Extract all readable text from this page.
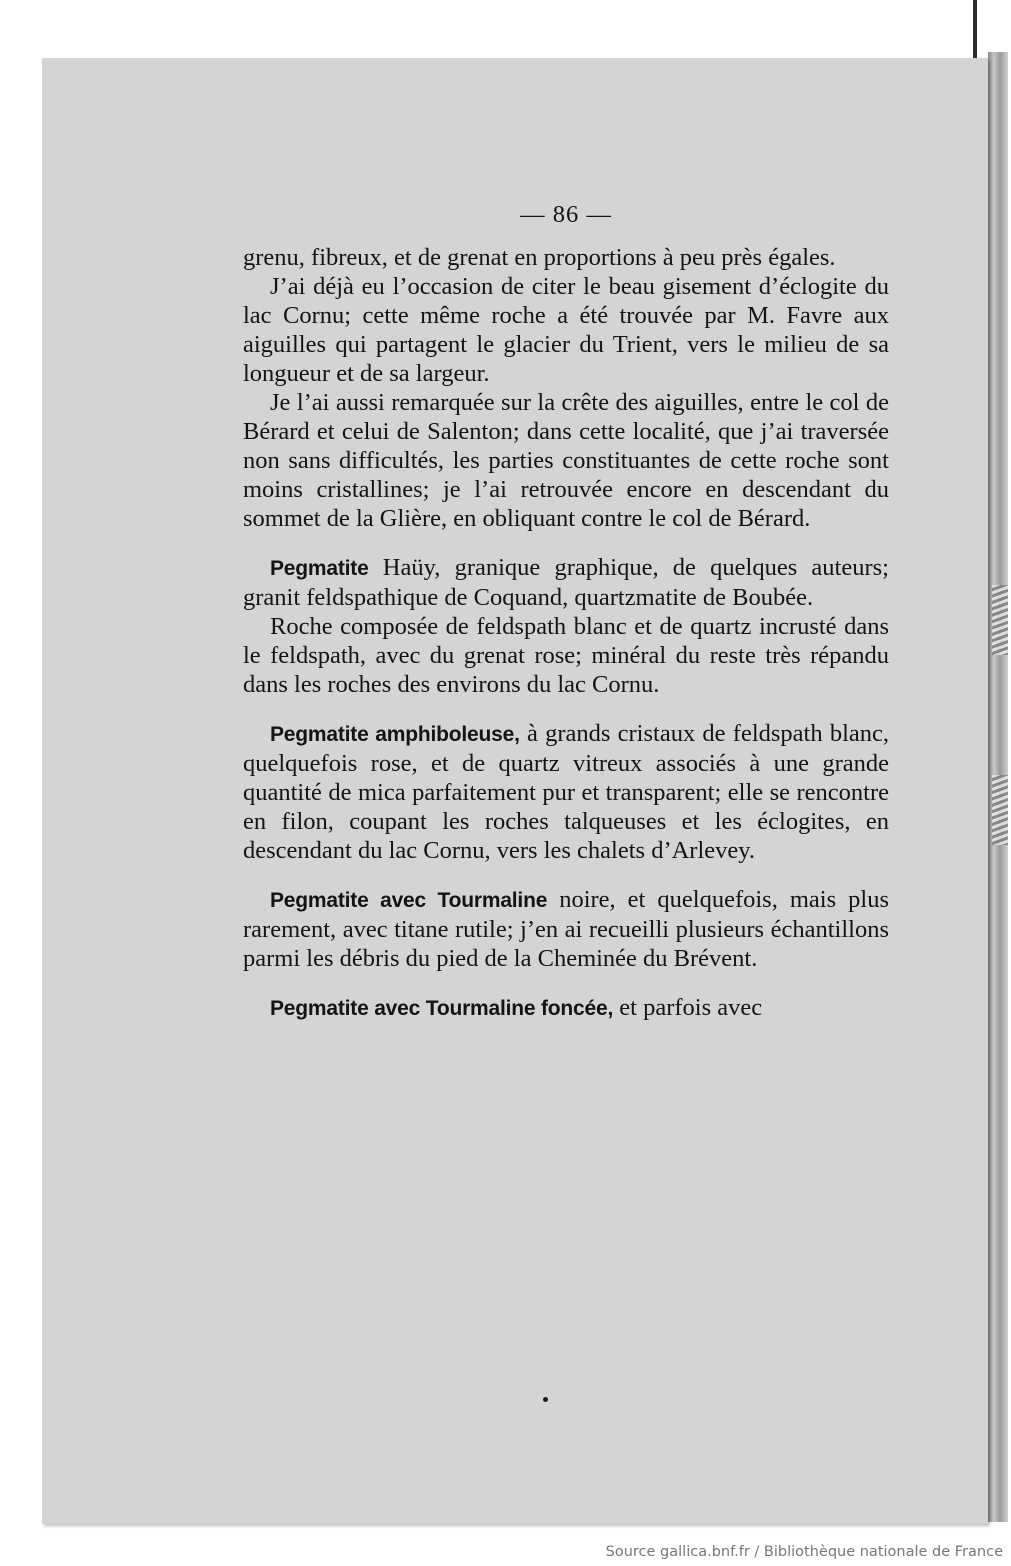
— 86 —

grenu, fibreux, et de grenat en proportions à peu près égales.

J’ai déjà eu l’occasion de citer le beau gisement d’éclogite du lac Cornu; cette même roche a été trouvée par M. Favre aux aiguilles qui partagent le glacier du Trient, vers le milieu de sa longueur et de sa largeur.

Je l’ai aussi remarquée sur la crête des aiguilles, entre le col de Bérard et celui de Salenton; dans cette localité, que j’ai traversée non sans difficultés, les parties constituantes de cette roche sont moins cristallines; je l’ai retrouvée encore en descendant du sommet de la Glière, en obliquant contre le col de Bérard.

Pegmatite Haüy, granique graphique, de quelques auteurs; granit feldspathique de Coquand, quartzmatite de Boubée.

Roche composée de feldspath blanc et de quartz incrusté dans le feldspath, avec du grenat rose; minéral du reste très répandu dans les roches des environs du lac Cornu.

Pegmatite amphiboleuse, à grands cristaux de feldspath blanc, quelquefois rose, et de quartz vitreux associés à une grande quantité de mica parfaitement pur et transparent; elle se rencontre en filon, coupant les roches talqueuses et les éclogites, en descendant du lac Cornu, vers les chalets d’Arlevey.

Pegmatite avec Tourmaline noire, et quelquefois, mais plus rarement, avec titane rutile; j’en ai recueilli plusieurs échantillons parmi les débris du pied de la Cheminée du Brévent.

Pegmatite avec Tourmaline foncée, et parfois avec

Source gallica.bnf.fr / Bibliothèque nationale de France
